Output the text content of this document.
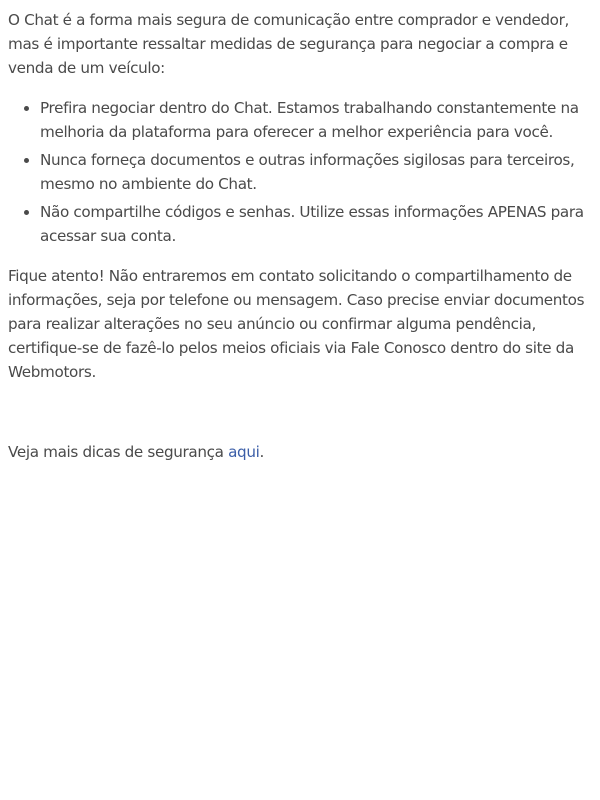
O Chat é a forma mais segura de comunicação entre comprador e vendedor, mas é importante ressaltar medidas de segurança para negociar a compra e venda de um veículo:

• Prefira negociar dentro do Chat. Estamos trabalhando constantemente na melhoria da plataforma para oferecer a melhor experiência para você.
• Nunca forneça documentos e outras informações sigilosas para terceiros, mesmo no ambiente do Chat.
• Não compartilhe códigos e senhas. Utilize essas informações APENAS para acessar sua conta.

Fique atento! Não entraremos em contato solicitando o compartilhamento de informações, seja por telefone ou mensagem. Caso precise enviar documentos para realizar alterações no seu anúncio ou confirmar alguma pendência, certifique-se de fazê-lo pelos meios oficiais via Fale Conosco dentro do site da Webmotors.

Veja mais dicas de segurança aqui.
